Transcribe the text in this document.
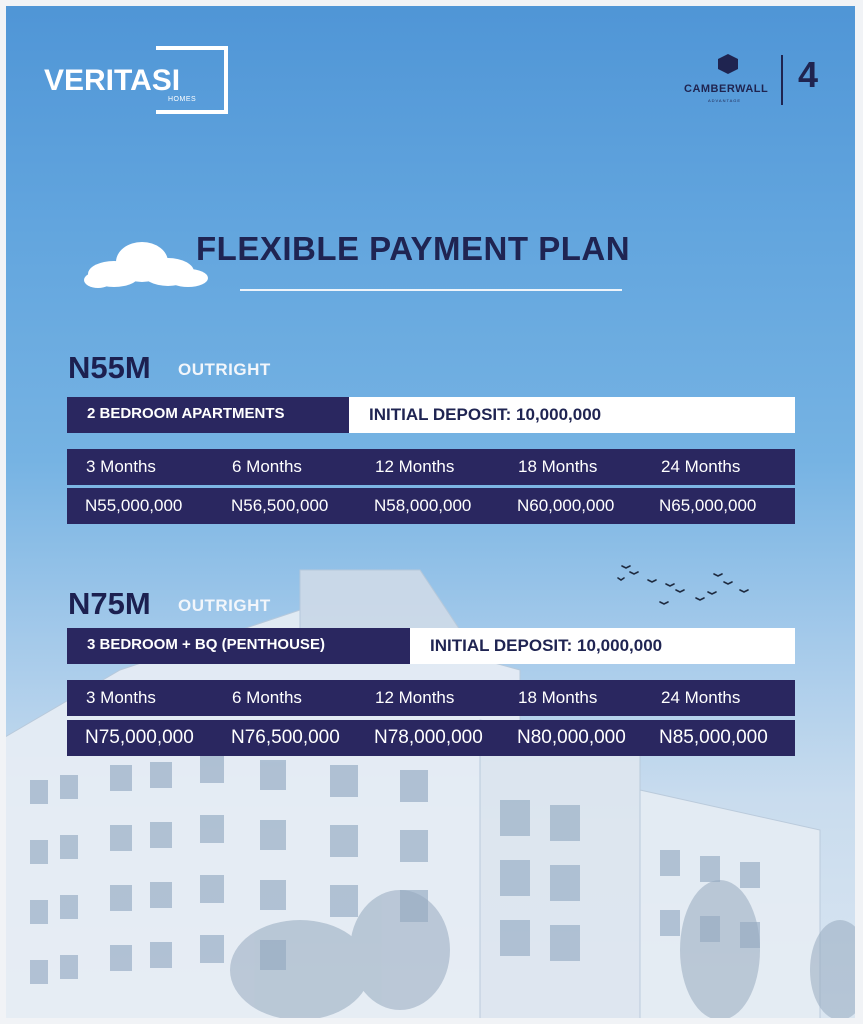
VERITASI
HOMES
CAMBERWALL
ADVANTAGE
4
FLEXIBLE PAYMENT PLAN
N55M OUTRIGHT
2 BEDROOM APARTMENTS	INITIAL DEPOSIT: 10,000,000
3 Months	6 Months	12 Months	18 Months	24 Months
N55,000,000	N56,500,000	N58,000,000	N60,000,000	N65,000,000
N75M OUTRIGHT
3 BEDROOM + BQ (PENTHOUSE)	INITIAL DEPOSIT: 10,000,000
3 Months	6 Months	12 Months	18 Months	24 Months
N75,000,000 N76,500,000 N78,000,000 N80,000,000 N85,000,000
